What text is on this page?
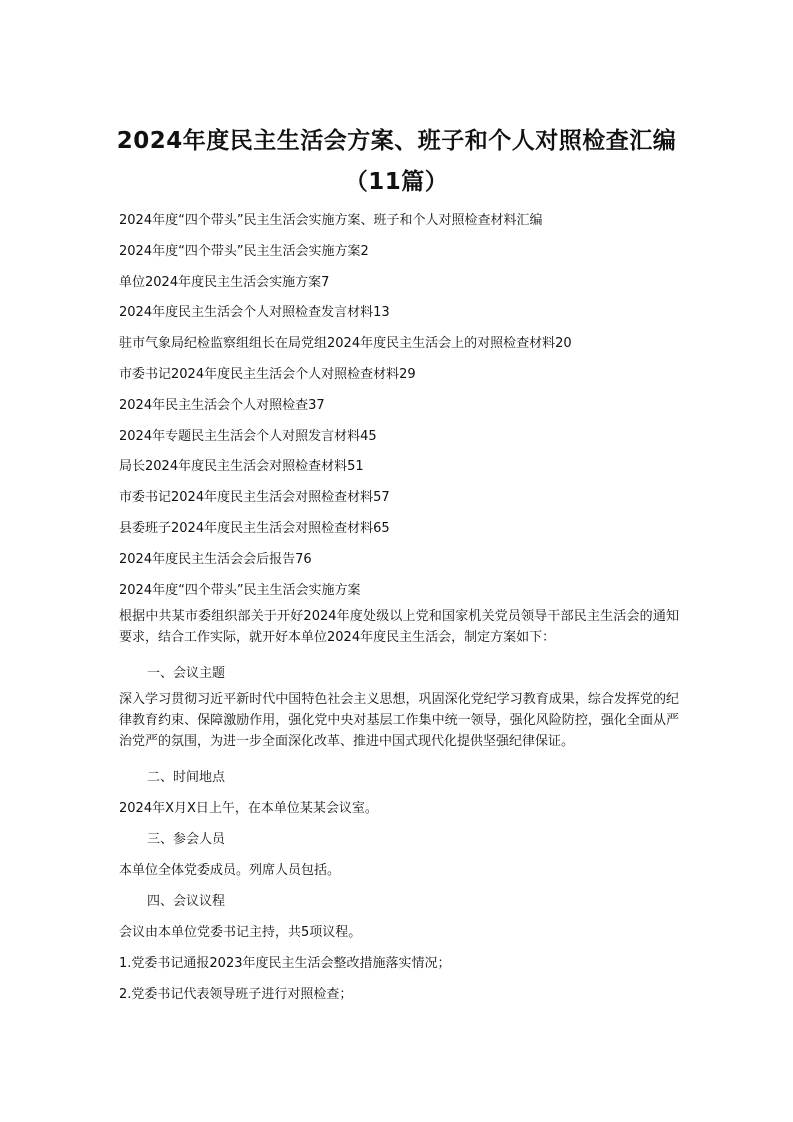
2024年度民主生活会方案、班子和个人对照检查汇编
（11篇）
2024年度“四个带头”民主生活会实施方案、班子和个人对照检查材料汇编
2024年度“四个带头”民主生活会实施方案2
单位2024年度民主生活会实施方案7
2024年度民主生活会个人对照检查发言材料13
驻市气象局纪检监察组组长在局党组2024年度民主生活会上的对照检查材料20
市委书记2024年度民主生活会个人对照检查材料29
2024年民主生活会个人对照检查37
2024年专题民主生活会个人对照发言材料45
局长2024年度民主生活会对照检查材料51
市委书记2024年度民主生活会对照检查材料57
县委班子2024年度民主生活会对照检查材料65
2024年度民主生活会会后报告76
2024年度“四个带头”民主生活会实施方案

根据中共某市委组织部关于开好2024年度处级以上党和国家机关党员领导干部民主生活会的通知要求，结合工作实际，就开好本单位2024年度民主生活会，制定方案如下：

一、会议主题

深入学习贯彻习近平新时代中国特色社会主义思想，巩固深化党纪学习教育成果，综合发挥党的纪律教育约束、保障激励作用，强化党中央对基层工作集中统一领导，强化风险防控，强化全面从严治党严的氛围，为进一步全面深化改革、推进中国式现代化提供坚强纪律保证。

二、时间地点

2024年X月X日上午，在本单位某某会议室。

三、参会人员

本单位全体党委成员。列席人员包括。

四、会议议程

会议由本单位党委书记主持，共5项议程。

1.党委书记通报2023年度民主生活会整改措施落实情况；

2.党委书记代表领导班子进行对照检查；
